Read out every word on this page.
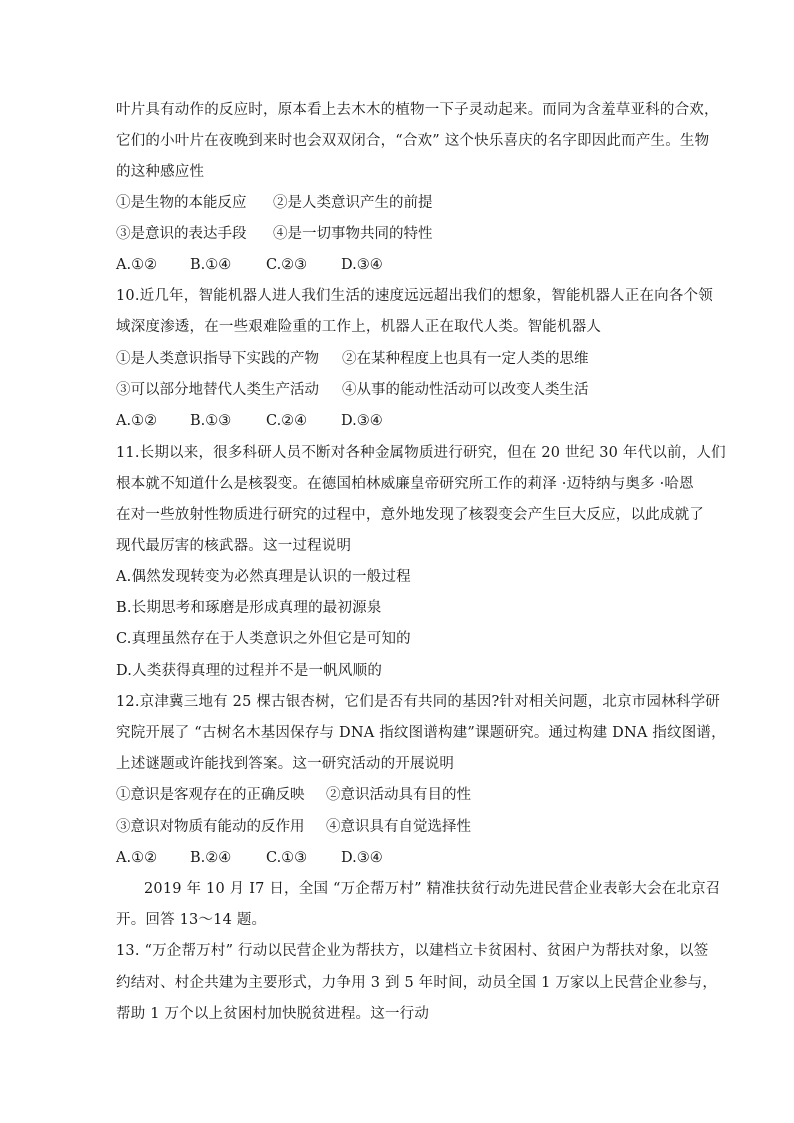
叶片具有动作的反应时，原本看上去木木的植物一下子灵动起来。而同为含羞草亚科的合欢，
它们的小叶片在夜晚到来时也会双双闭合，“合欢” 这个快乐喜庆的名字即因此而产生。生物
的这种感应性

①是生物的本能反应

②是人类意识产生的前提

③是意识的表达手段

④是一切事物共同的特性

A.①②

B.①④

C.②③

D.③④

10.近几年，智能机器人进人我们生活的速度远远超出我们的想象，智能机器人正在向各个领
域深度渗透，在一些艰难险重的工作上，机器人正在取代人类。智能机器人

①是人类意识指导下实践的产物

②在某种程度上也具有一定人类的思维

③可以部分地替代人类生产活动

④从事的能动性活动可以改变人类生活

A.①②

B.①③

C.②④

D.③④

11.长期以来，很多科研人员不断对各种金属物质进行研究，但在 20 世纪 30 年代以前，人们
根本就不知道什么是核裂变。在德国柏林威廉皇帝研究所工作的莉泽 ·迈特纳与奥多 ·哈恩
在对一些放射性物质进行研究的过程中，意外地发现了核裂变会产生巨大反应，以此成就了
现代最厉害的核武器。这一过程说明
A.偶然发现转变为必然真理是认识的一般过程
B.长期思考和琢磨是形成真理的最初源泉
C.真理虽然存在于人类意识之外但它是可知的
D.人类获得真理的过程并不是一帆风顺的
12.京津冀三地有 25 棵古银杏树，它们是否有共同的基因?针对相关问题，北京市园林科学研
究院开展了 “古树名木基因保存与 DNA 指纹图谱构建”课题研究。通过构建 DNA 指纹图谱，
上述谜题或许能找到答案。这一研究活动的开展说明

①意识是客观存在的正确反映

②意识活动具有目的性

③意识对物质有能动的反作用

④意识具有自觉选择性

A.①②

B.②④

C.①③

D.③④

2019 年 10 月 I7 日，全国 “万企帮万村” 精准扶贫行动先进民营企业表彰大会在北京召
开。回答 13～14 题。
13. “万企帮万村” 行动以民营企业为帮扶方，以建档立卡贫困村、贫困户为帮扶对象，以签
约结对、村企共建为主要形式，力争用 3 到 5 年时间，动员全国 1 万家以上民营企业参与，
帮助 1 万个以上贫困村加快脱贫进程。这一行动
